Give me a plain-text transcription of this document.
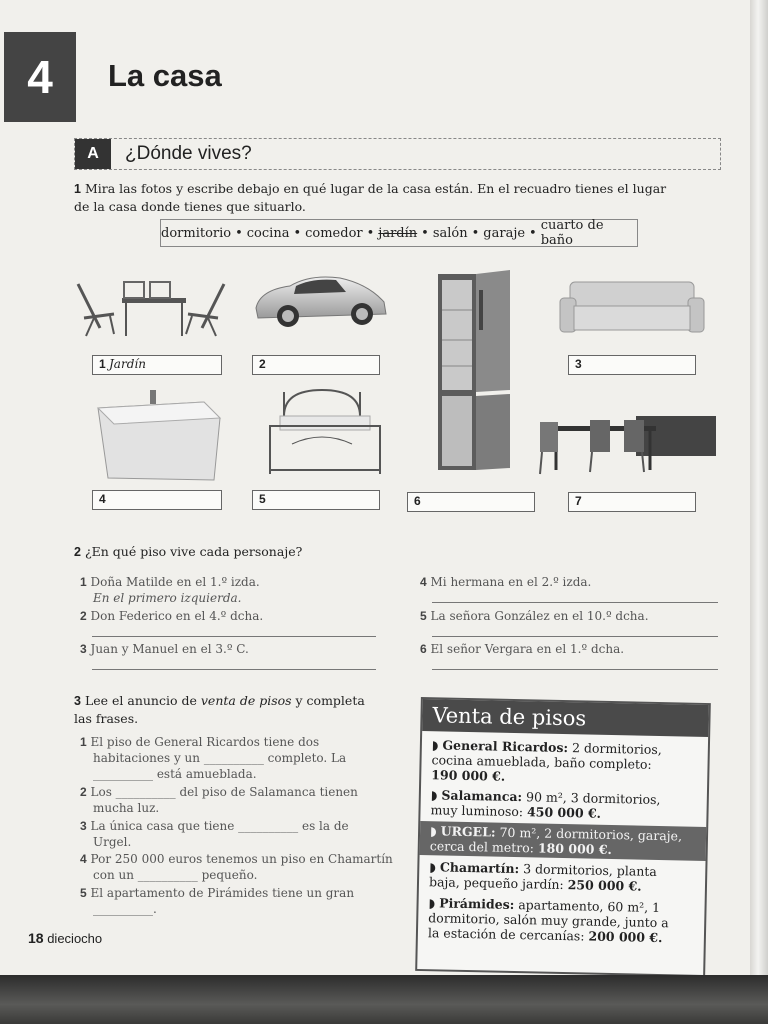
4	La casa
A	¿Dónde vives?
1 Mira las fotos y escribe debajo en qué lugar de la casa están. En el recuadro tienes el lugar
de la casa donde tienes que situarlo.
dormitorio • cocina • comedor • jardín • salón • garaje • cuarto de baño
1 Jardín	2	3
4	5	6	7
2 ¿En qué piso vive cada personaje?
1 Doña Matilde en el 1.º izda.
En el primero izquierda.
2 Don Federico en el 4.º dcha.
3 Juan y Manuel en el 3.º C.
4 Mi hermana en el 2.º izda.
5 La señora González en el 10.º dcha.
6 El señor Vergara en el 1.º dcha.
3 Lee el anuncio de venta de pisos y completa
las frases.
1 El piso de General Ricardos tiene dos
habitaciones y un __________ completo. La
__________ está amueblada.
2 Los __________ del piso de Salamanca tienen
mucha luz.
3 La única casa que tiene __________ es la de
Urgel.
4 Por 250 000 euros tenemos un piso en Chamartín
con un __________ pequeño.
5 El apartamento de Pirámides tiene un gran
__________.
Venta de pisos
◗ General Ricardos: 2 dormitorios,
cocina amueblada, baño completo:
190 000 €.
◗ Salamanca: 90 m², 3 dormitorios,
muy luminoso: 450 000 €.
◗ URGEL: 70 m², 2 dormitorios, garaje,
cerca del metro: 180 000 €.
◗ Chamartín: 3 dormitorios, planta
baja, pequeño jardín: 250 000 €.
◗ Pirámides: apartamento, 60 m², 1
dormitorio, salón muy grande, junto a
la estación de cercanías: 200 000 €.
18 dieciocho
